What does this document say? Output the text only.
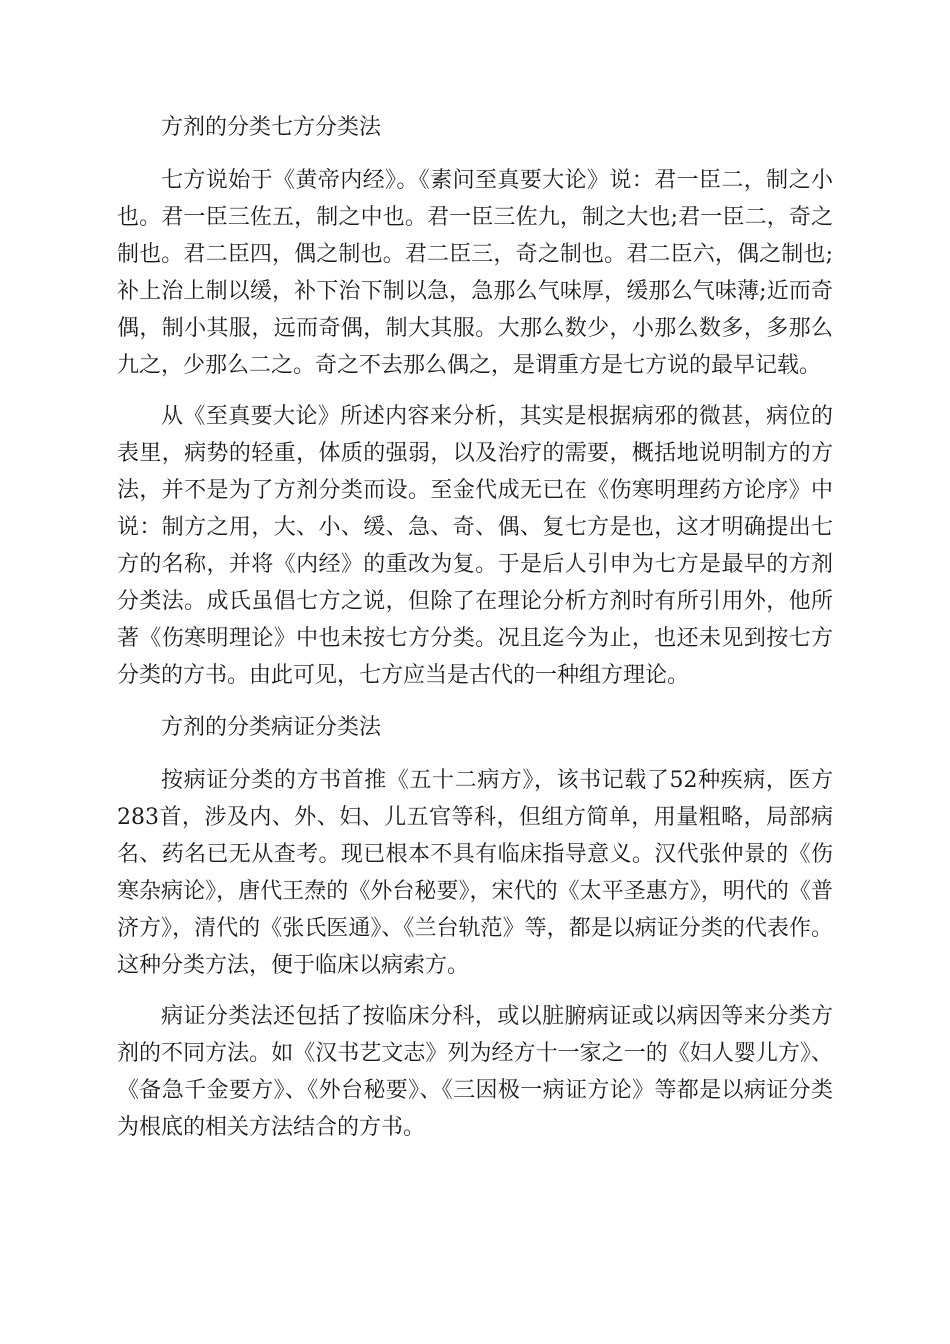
方剂的分类七方分类法

七方说始于《黄帝内经》。《素问至真要大论》说：君一臣二，制之小也。君一臣三佐五，制之中也。君一臣三佐九，制之大也;君一臣二，奇之制也。君二臣四，偶之制也。君二臣三，奇之制也。君二臣六，偶之制也;补上治上制以缓，补下治下制以急，急那么气味厚，缓那么气味薄;近而奇偶，制小其服，远而奇偶，制大其服。大那么数少，小那么数多，多那么九之，少那么二之。奇之不去那么偶之，是谓重方是七方说的最早记载。

从《至真要大论》所述内容来分析，其实是根据病邪的微甚，病位的表里，病势的轻重，体质的强弱，以及治疗的需要，概括地说明制方的方法，并不是为了方剂分类而设。至金代成无已在《伤寒明理药方论序》中说：制方之用，大、小、缓、急、奇、偶、复七方是也，这才明确提出七方的名称，并将《内经》的重改为复。于是后人引申为七方是最早的方剂分类法。成氏虽倡七方之说，但除了在理论分析方剂时有所引用外，他所著《伤寒明理论》中也未按七方分类。况且迄今为止，也还未见到按七方分类的方书。由此可见，七方应当是古代的一种组方理论。

方剂的分类病证分类法

按病证分类的方书首推《五十二病方》，该书记载了52种疾病，医方283首，涉及内、外、妇、儿五官等科，但组方简单，用量粗略，局部病名、药名已无从查考。现已根本不具有临床指导意义。汉代张仲景的《伤寒杂病论》，唐代王焘的《外台秘要》，宋代的《太平圣惠方》，明代的《普济方》，清代的《张氏医通》、《兰台轨范》等，都是以病证分类的代表作。这种分类方法，便于临床以病索方。

病证分类法还包括了按临床分科，或以脏腑病证或以病因等来分类方剂的不同方法。如《汉书艺文志》列为经方十一家之一的《妇人婴儿方》、《备急千金要方》、《外台秘要》、《三因极一病证方论》等都是以病证分类为根底的相关方法结合的方书。
